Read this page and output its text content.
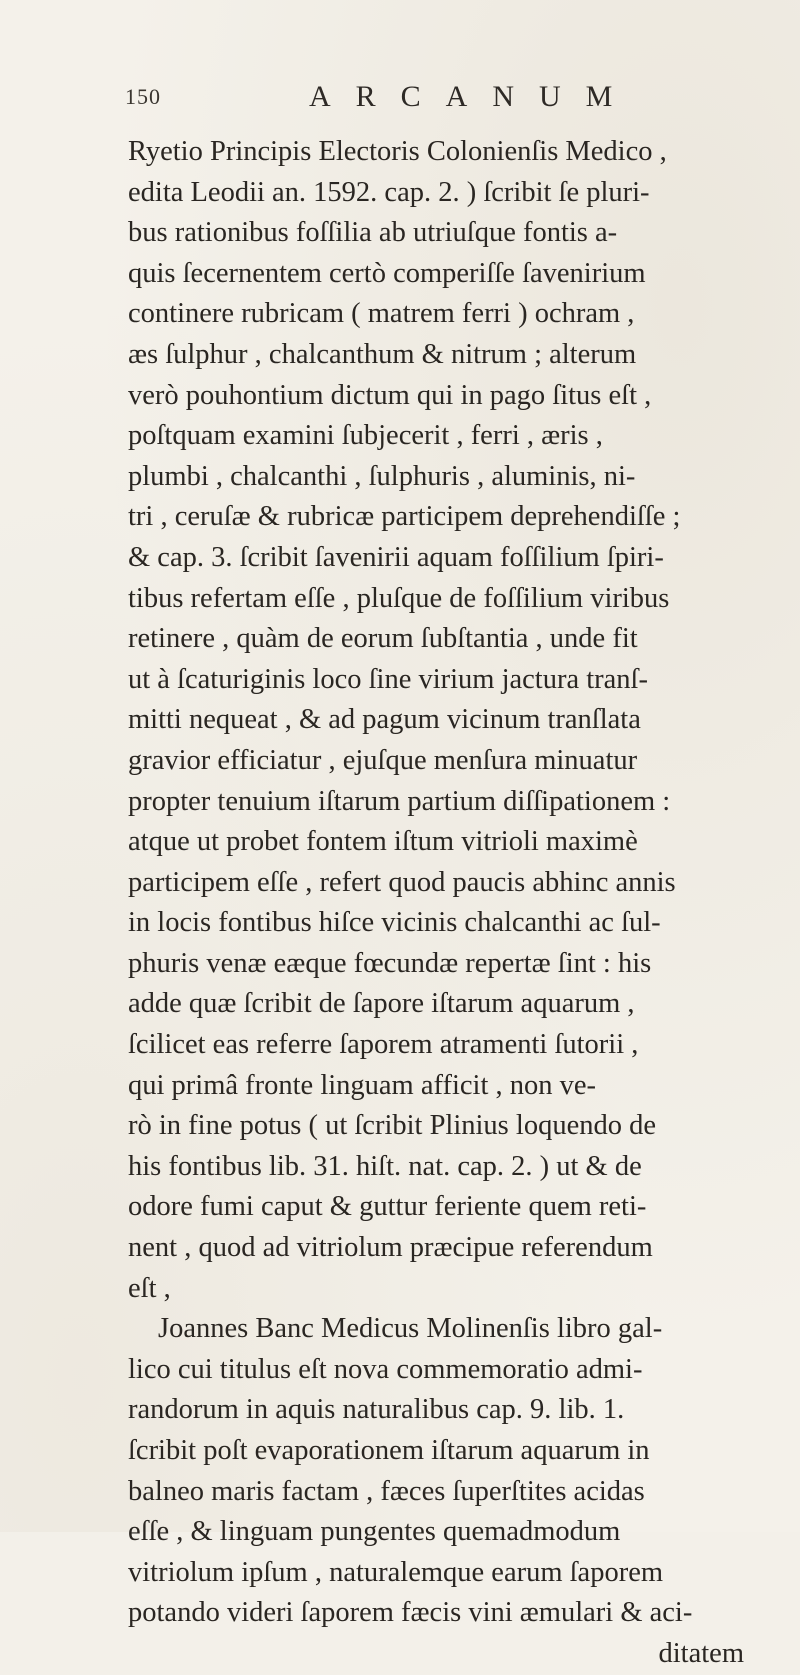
150	ARCANUM
Ryetio Principis Electoris Colonienſis Medico ,
edita Leodii an. 1592. cap. 2. ) ſcribit ſe pluri-
bus rationibus foſſilia ab utriuſque fontis a-
quis ſecernentem certò comperiſſe ſavenirium
continere rubricam ( matrem ferri ) ochram ,
æs ſulphur , chalcanthum & nitrum ; alterum
verò pouhontium dictum qui in pago ſitus eſt ,
poſtquam examini ſubjecerit , ferri , æris ,
plumbi , chalcanthi , ſulphuris , aluminis, ni-
tri , ceruſæ & rubricæ participem deprehendiſſe ;
& cap. 3. ſcribit ſavenirii aquam foſſilium ſpiri-
tibus refertam eſſe , pluſque de foſſilium viribus
retinere , quàm de eorum ſubſtantia , unde fit
ut à ſcaturiginis loco ſine virium jactura tranſ-
mitti nequeat , & ad pagum vicinum tranſlata
gravior efficiatur , ejuſque menſura minuatur
propter tenuium iſtarum partium diſſipationem :
atque ut probet fontem iſtum vitrioli maximè
participem eſſe , refert quod paucis abhinc annis
in locis fontibus hiſce vicinis chalcanthi ac ſul-
phuris venæ eæque fœcundæ repertæ ſint : his
adde quæ ſcribit de ſapore iſtarum aquarum ,
ſcilicet eas referre ſaporem atramenti ſutorii ,
qui primâ fronte linguam afficit , non ve-
rò in fine potus ( ut ſcribit Plinius loquendo de
his fontibus lib. 31. hiſt. nat. cap. 2. ) ut & de
odore fumi caput & guttur feriente quem reti-
nent , quod ad vitriolum præcipue referendum
eſt ,
Joannes Banc Medicus Molinenſis libro gal-
lico cui titulus eſt nova commemoratio admi-
randorum in aquis naturalibus cap. 9. lib. 1.
ſcribit poſt evaporationem iſtarum aquarum in
balneo maris factam , fæces ſuperſtites acidas
eſſe , & linguam pungentes quemadmodum
vitriolum ipſum , naturalemque earum ſaporem
potando videri ſaporem fæcis vini æmulari & aci-
ditatem
